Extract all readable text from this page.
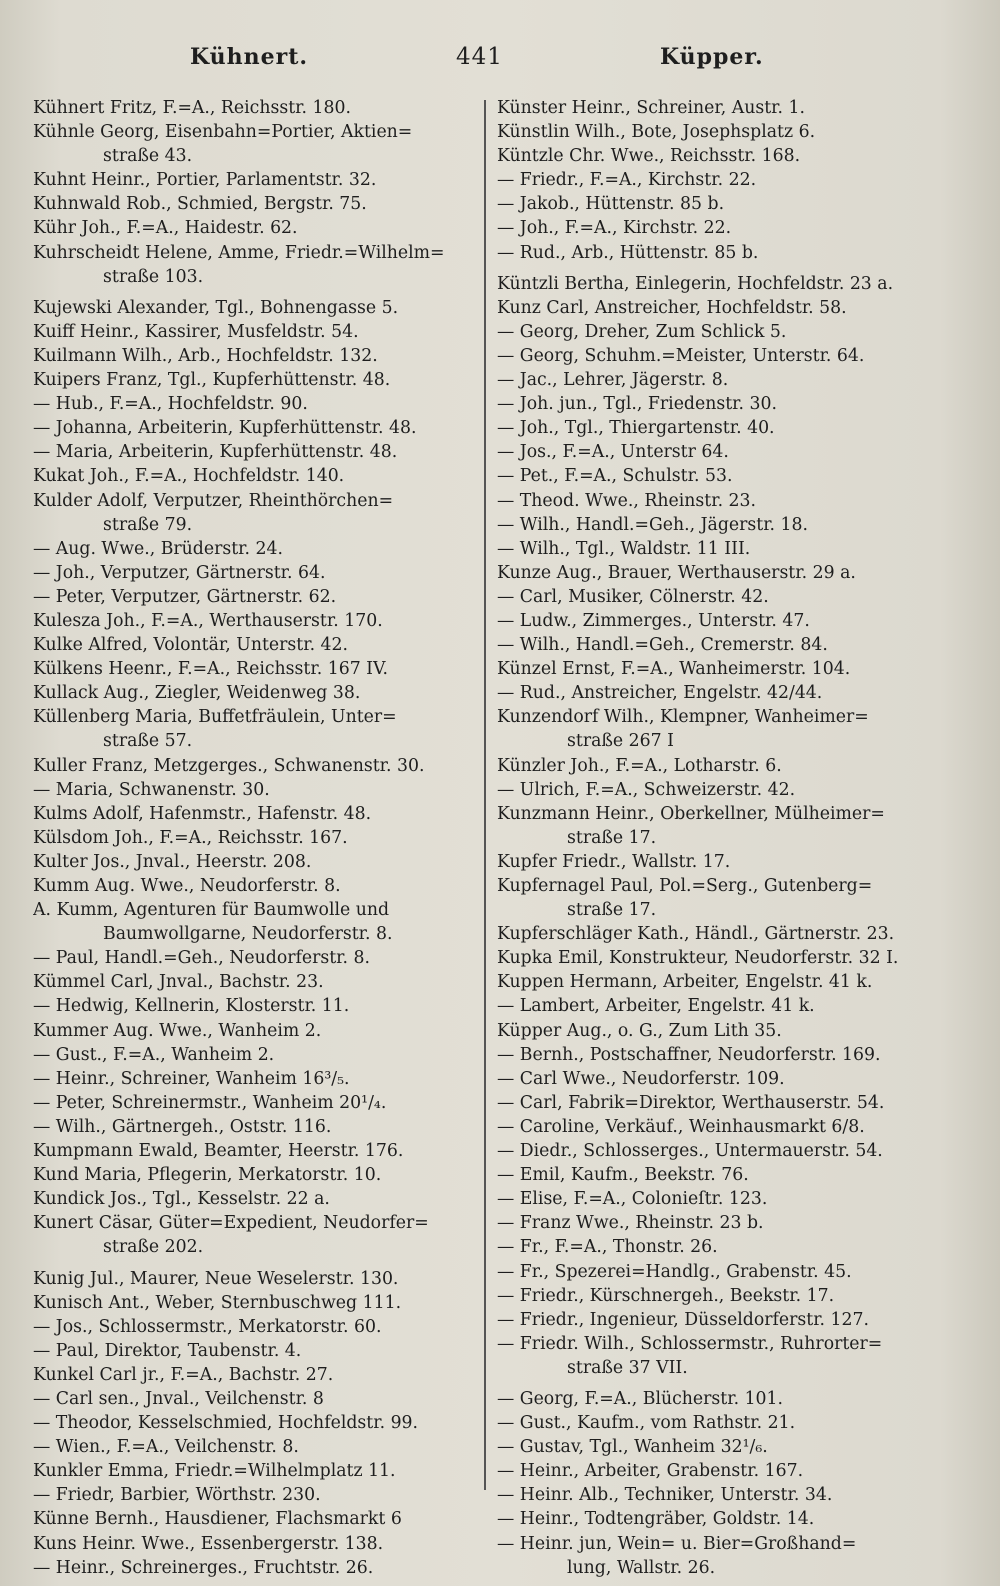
Kühnert.	441	Küpper.
Kühnert Fritz, F.=A., Reichsstr. 180.
Kühnle Georg, Eisenbahn=Portier, Aktien=
straße 43.
Kuhnt Heinr., Portier, Parlamentstr. 32.
Kuhnwald Rob., Schmied, Bergstr. 75.
Kühr Joh., F.=A., Haidestr. 62.
Kuhrscheidt Helene, Amme, Friedr.=Wilhelm=
straße 103.
Kujewski Alexander, Tgl., Bohnengasse 5.
Kuiff Heinr., Kassirer, Musfeldstr. 54.
Kuilmann Wilh., Arb., Hochfeldstr. 132.
Kuipers Franz, Tgl., Kupferhüttenstr. 48.
— Hub., F.=A., Hochfeldstr. 90.
— Johanna, Arbeiterin, Kupferhüttenstr. 48.
— Maria, Arbeiterin, Kupferhüttenstr. 48.
Kukat Joh., F.=A., Hochfeldstr. 140.
Kulder Adolf, Verputzer, Rheinthörchen=
straße 79.
— Aug. Wwe., Brüderstr. 24.
— Joh., Verputzer, Gärtnerstr. 64.
— Peter, Verputzer, Gärtnerstr. 62.
Kulesza Joh., F.=A., Werthauserstr. 170.
Kulke Alfred, Volontär, Unterstr. 42.
Külkens Heenr., F.=A., Reichsstr. 167 IV.
Kullack Aug., Ziegler, Weidenweg 38.
Küllenberg Maria, Buffetfräulein, Unter=
straße 57.
Kuller Franz, Metzgerges., Schwanenstr. 30.
— Maria, Schwanenstr. 30.
Kulms Adolf, Hafenmstr., Hafenstr. 48.
Külsdom Joh., F.=A., Reichsstr. 167.
Kulter Jos., Jnval., Heerstr. 208.
Kumm Aug. Wwe., Neudorferstr. 8.
A. Kumm, Agenturen für Baumwolle und
Baumwollgarne, Neudorferstr. 8.
— Paul, Handl.=Geh., Neudorferstr. 8.
Kümmel Carl, Jnval., Bachstr. 23.
— Hedwig, Kellnerin, Klosterstr. 11.
Kummer Aug. Wwe., Wanheim 2.
— Gust., F.=A., Wanheim 2.
— Heinr., Schreiner, Wanheim 16³/₅.
— Peter, Schreinermstr., Wanheim 20¹/₄.
— Wilh., Gärtnergeh., Oststr. 116.
Kumpmann Ewald, Beamter, Heerstr. 176.
Kund Maria, Pflegerin, Merkatorstr. 10.
Kundick Jos., Tgl., Kesselstr. 22 a.
Kunert Cäsar, Güter=Expedient, Neudorfer=
straße 202.
Kunig Jul., Maurer, Neue Weselerstr. 130.
Kunisch Ant., Weber, Sternbuschweg 111.
— Jos., Schlossermstr., Merkatorstr. 60.
— Paul, Direktor, Taubenstr. 4.
Kunkel Carl jr., F.=A., Bachstr. 27.
— Carl sen., Jnval., Veilchenstr. 8
— Theodor, Kesselschmied, Hochfeldstr. 99.
— Wien., F.=A., Veilchenstr. 8.
Kunkler Emma, Friedr.=Wilhelmplatz 11.
— Friedr, Barbier, Wörthstr. 230.
Künne Bernh., Hausdiener, Flachsmarkt 6
Kuns Heinr. Wwe., Essenbergerstr. 138.
— Heinr., Schreinerges., Fruchtstr. 26.
Künster Heinr., Schreiner, Austr. 1.
Künstlin Wilh., Bote, Josephsplatz 6.
Küntzle Chr. Wwe., Reichsstr. 168.
— Friedr., F.=A., Kirchstr. 22.
— Jakob., Hüttenstr. 85 b.
— Joh., F.=A., Kirchstr. 22.
— Rud., Arb., Hüttenstr. 85 b.
Küntzli Bertha, Einlegerin, Hochfeldstr. 23 a.
Kunz Carl, Anstreicher, Hochfeldstr. 58.
— Georg, Dreher, Zum Schlick 5.
— Georg, Schuhm.=Meister, Unterstr. 64.
— Jac., Lehrer, Jägerstr. 8.
— Joh. jun., Tgl., Friedenstr. 30.
— Joh., Tgl., Thiergartenstr. 40.
— Jos., F.=A., Unterstr 64.
— Pet., F.=A., Schulstr. 53.
— Theod. Wwe., Rheinstr. 23.
— Wilh., Handl.=Geh., Jägerstr. 18.
— Wilh., Tgl., Waldstr. 11 III.
Kunze Aug., Brauer, Werthauserstr. 29 a.
— Carl, Musiker, Cölnerstr. 42.
— Ludw., Zimmerges., Unterstr. 47.
— Wilh., Handl.=Geh., Cremerstr. 84.
Künzel Ernst, F.=A., Wanheimerstr. 104.
— Rud., Anstreicher, Engelstr. 42/44.
Kunzendorf Wilh., Klempner, Wanheimer=
straße 267 I
Künzler Joh., F.=A., Lotharstr. 6.
— Ulrich, F.=A., Schweizerstr. 42.
Kunzmann Heinr., Oberkellner, Mülheimer=
straße 17.
Kupfer Friedr., Wallstr. 17.
Kupfernagel Paul, Pol.=Serg., Gutenberg=
straße 17.
Kupferschläger Kath., Händl., Gärtnerstr. 23.
Kupka Emil, Konstrukteur, Neudorferstr. 32 I.
Kuppen Hermann, Arbeiter, Engelstr. 41 k.
— Lambert, Arbeiter, Engelstr. 41 k.
Küpper Aug., o. G., Zum Lith 35.
— Bernh., Postschaffner, Neudorferstr. 169.
— Carl Wwe., Neudorferstr. 109.
— Carl, Fabrik=Direktor, Werthauserstr. 54.
— Caroline, Verkäuf., Weinhausmarkt 6/8.
— Diedr., Schlosserges., Untermauerstr. 54.
— Emil, Kaufm., Beekstr. 76.
— Elise, F.=A., Colonieſtr. 123.
— Franz Wwe., Rheinstr. 23 b.
— Fr., F.=A., Thonstr. 26.
— Fr., Spezerei=Handlg., Grabenstr. 45.
— Friedr., Kürschnergeh., Beekstr. 17.
— Friedr., Ingenieur, Düsseldorferstr. 127.
— Friedr. Wilh., Schlossermstr., Ruhrorter=
straße 37 VII.
— Georg, F.=A., Blücherstr. 101.
— Gust., Kaufm., vom Rathstr. 21.
— Gustav, Tgl., Wanheim 32¹/₆.
— Heinr., Arbeiter, Grabenstr. 167.
— Heinr. Alb., Techniker, Unterstr. 34.
— Heinr., Todtengräber, Goldstr. 14.
— Heinr. jun, Wein= u. Bier=Großhand=
lung, Wallstr. 26.
